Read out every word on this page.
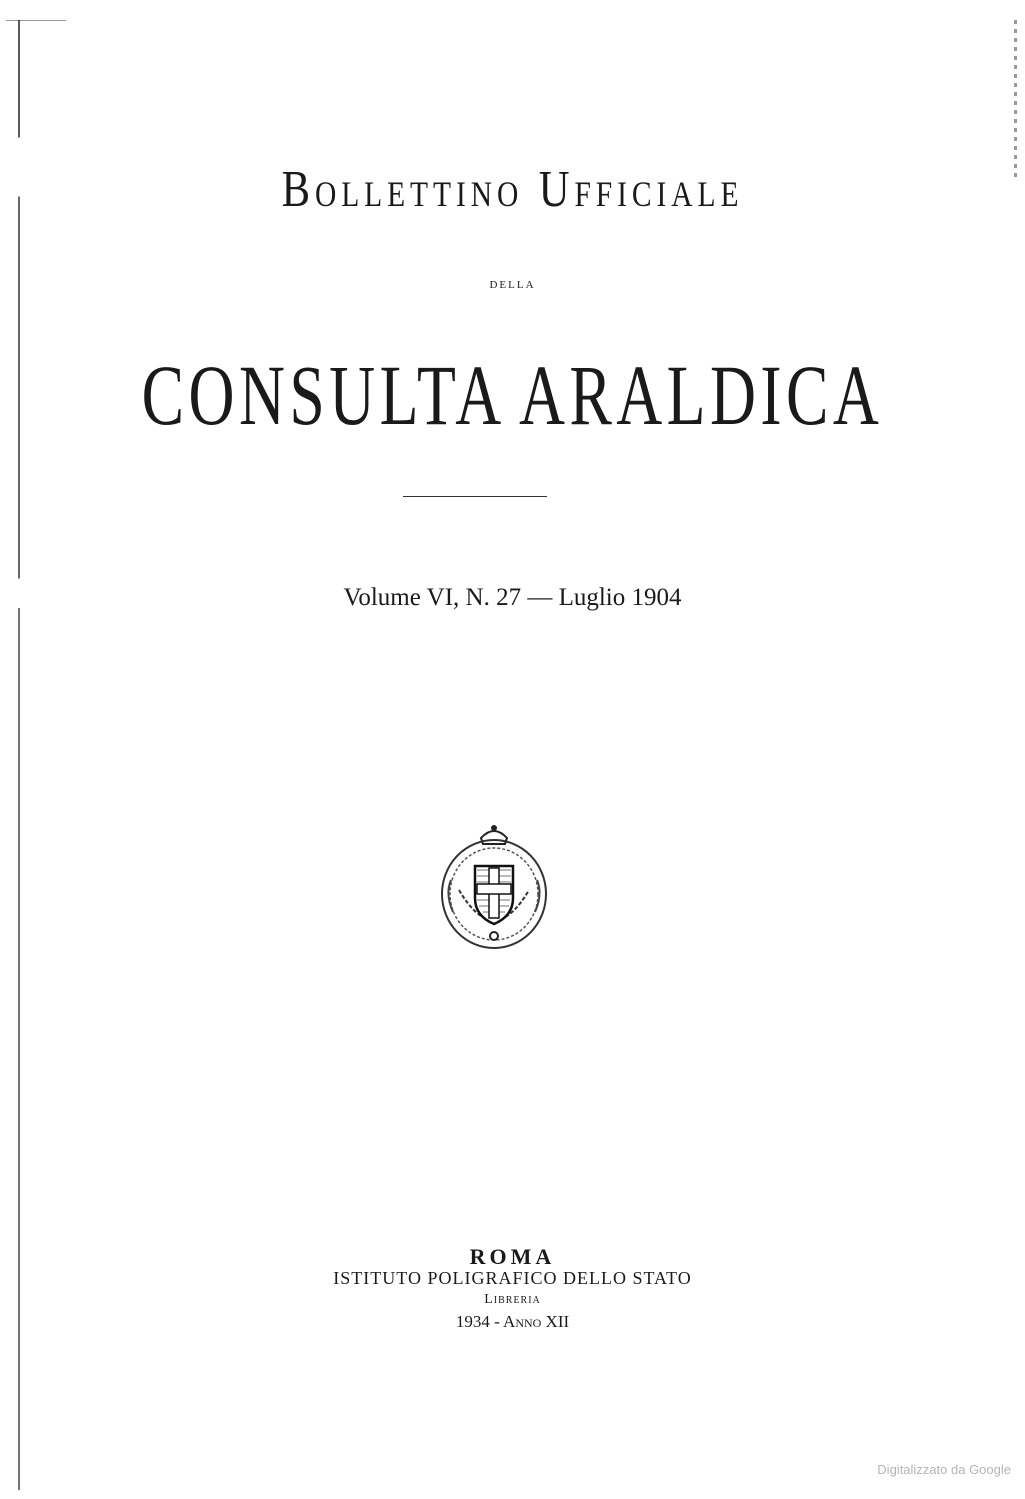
Bollettino Ufficiale
della
CONSULTA ARALDICA
Volume VI, N. 27 — Luglio 1904
ROMA
ISTITUTO POLIGRAFICO DELLO STATO
Libreria
1934 - Anno XII
Digitalizzato da Google
